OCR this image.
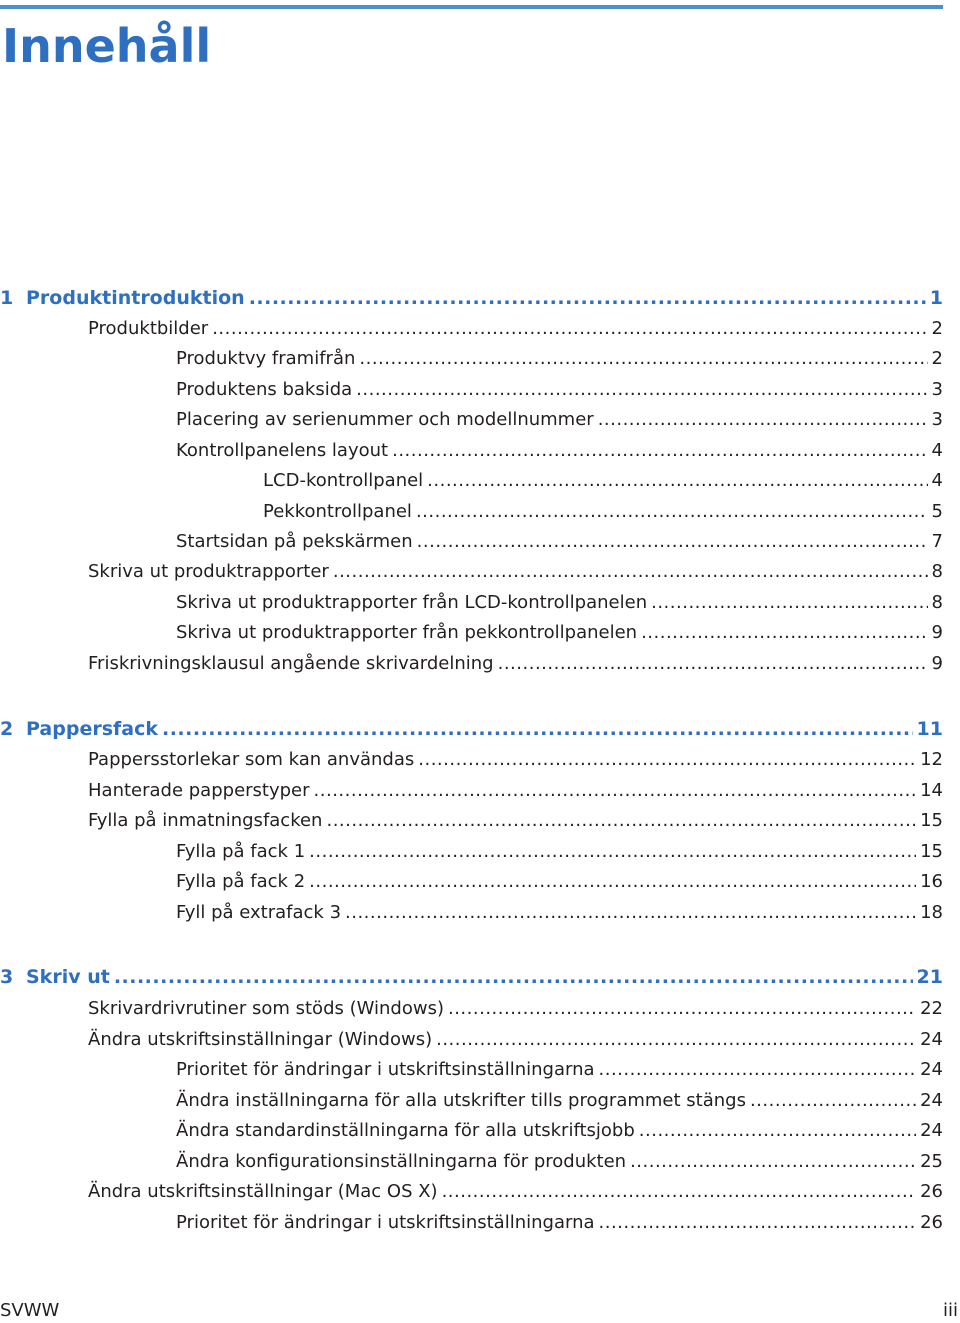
Innehåll
1 Produktintroduktion .....	1
Produktbilder .....	2
Produktvy framifrån .....	2
Produktens baksida .....	3
Placering av serienummer och modellnummer .....	3
Kontrollpanelens layout .....	4
LCD-kontrollpanel .....	4
Pekkontrollpanel .....	5
Startsidan på pekskärmen .....	7
Skriva ut produktrapporter .....	8
Skriva ut produktrapporter från LCD-kontrollpanelen .....	8
Skriva ut produktrapporter från pekkontrollpanelen .....	9
Friskrivningsklausul angående skrivardelning .....	9
2 Pappersfack .....	11
Pappersstorlekar som kan användas .....	12
Hanterade papperstyper .....	14
Fylla på inmatningsfacken .....	15
Fylla på fack 1 .....	15
Fylla på fack 2 .....	16
Fyll på extrafack 3 .....	18
3 Skriv ut .....	21
Skrivardrivrutiner som stöds (Windows) .....	22
Ändra utskriftsinställningar (Windows) .....	24
Prioritet för ändringar i utskriftsinställningarna .....	24
Ändra inställningarna för alla utskrifter tills programmet stängs .....	24
Ändra standardinställningarna för alla utskriftsjobb .....	24
Ändra konfigurationsinställningarna för produkten .....	25
Ändra utskriftsinställningar (Mac OS X) .....	26
Prioritet för ändringar i utskriftsinställningarna .....	26
SVWW	iii
